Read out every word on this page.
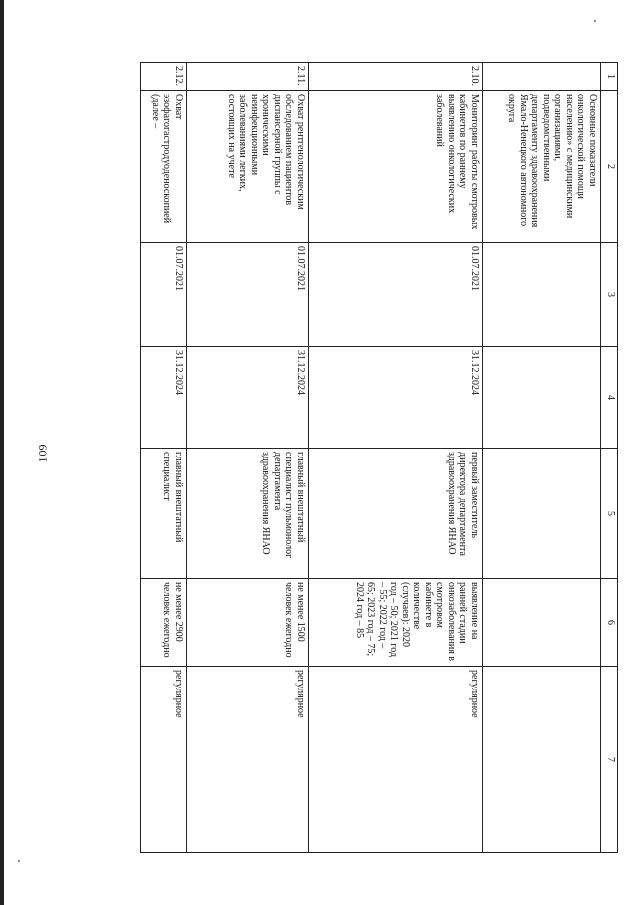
109
1	2	3	4	5	6	7
	Основные показатели онкологической помощи населению» с медицинскими организациями, подведомственными департаменту здравоохранения Ямало-Ненецкого автономного округа					
2.10.	Мониторинг работы смотровых кабинетов по раннему выявлению онкологических заболеваний	01.07.2021	31.12.2024	первый заместитель директора департамента здравоохранения ЯНАО	выявление на ранней стадии онкозаболевания в смотровом кабинете в количестве (случаев): 2020 год – 50; 2021 год – 55; 2022 год – 65; 2023 год – 75; 2024 год – 85	регулярное
2.11.	Охват рентгенологическим обследованием пациентов диспансерной группы с хроническими неинфекционными заболеваниями легких, состоящих на учете	01.07.2021	31.12.2024	главный внештатный специалист пульмонолог департамента здравоохранения ЯНАО	не менее 1500 человек ежегодно	регулярное
2.12.	Охват эзофагогастродуоденоскопией (далее –	01.07.2021	31.12.2024	главный внештатный специалист	не менее 2900 человек ежегодно	регулярное
